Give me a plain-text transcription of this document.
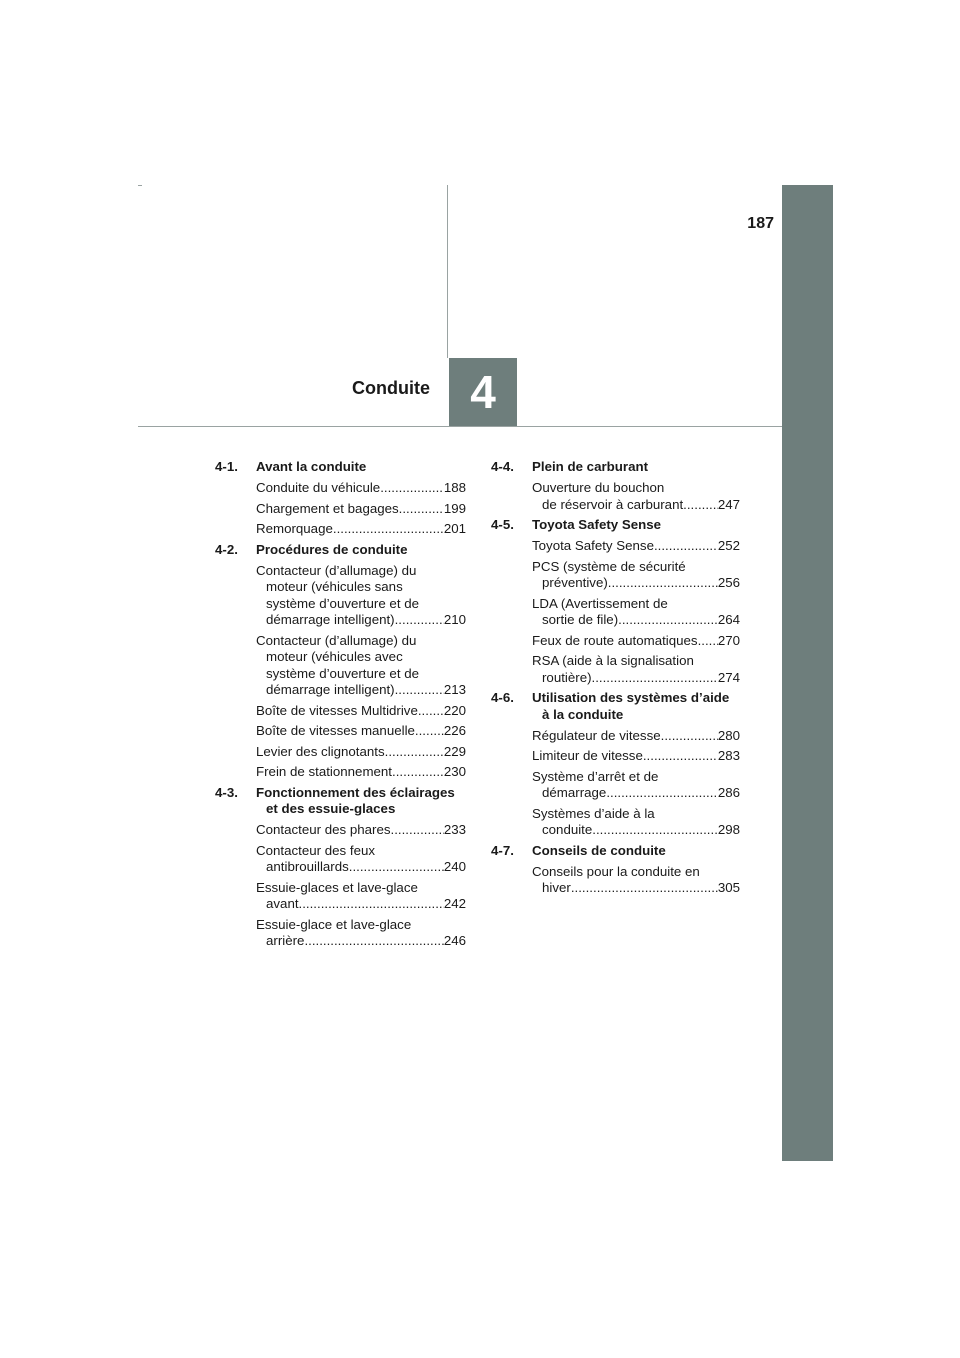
187
Conduite 4
4-1.	Avant la conduite
Conduite du véhicule .....	188
Chargement et bagages .....	199
Remorquage .....	201
4-2.	Procédures de conduite
Contacteur (d’allumage) du
moteur (véhicules sans
système d’ouverture et de
démarrage intelligent) .....	210
Contacteur (d’allumage) du
moteur (véhicules avec
système d’ouverture et de
démarrage intelligent) .....	213
Boîte de vitesses Multidrive ..... 220
Boîte de vitesses manuelle ..... 226
Levier des clignotants .....	229
Frein de stationnement .....	230
4-3.	Fonctionnement des éclairages
et des essuie-glaces
Contacteur des phares .....	233
Contacteur des feux
antibrouillards .....	240
Essuie-glaces et lave-glace
avant .....	242
Essuie-glace et lave-glace
arrière .....	246
4-4.	Plein de carburant
Ouverture du bouchon
de réservoir à carburant .....	247
4-5.	Toyota Safety Sense
Toyota Safety Sense .....	252
PCS (système de sécurité
préventive) .....	256
LDA (Avertissement de
sortie de file) .....	264
Feux de route automatiques ..... 270
RSA (aide à la signalisation
routière) .....	274
4-6.	Utilisation des systèmes d’aide
à la conduite
Régulateur de vitesse .....	280
Limiteur de vitesse .....	283
Système d’arrêt et de
démarrage .....	286
Systèmes d’aide à la
conduite .....	298
4-7.	Conseils de conduite
Conseils pour la conduite en
hiver .....	305
